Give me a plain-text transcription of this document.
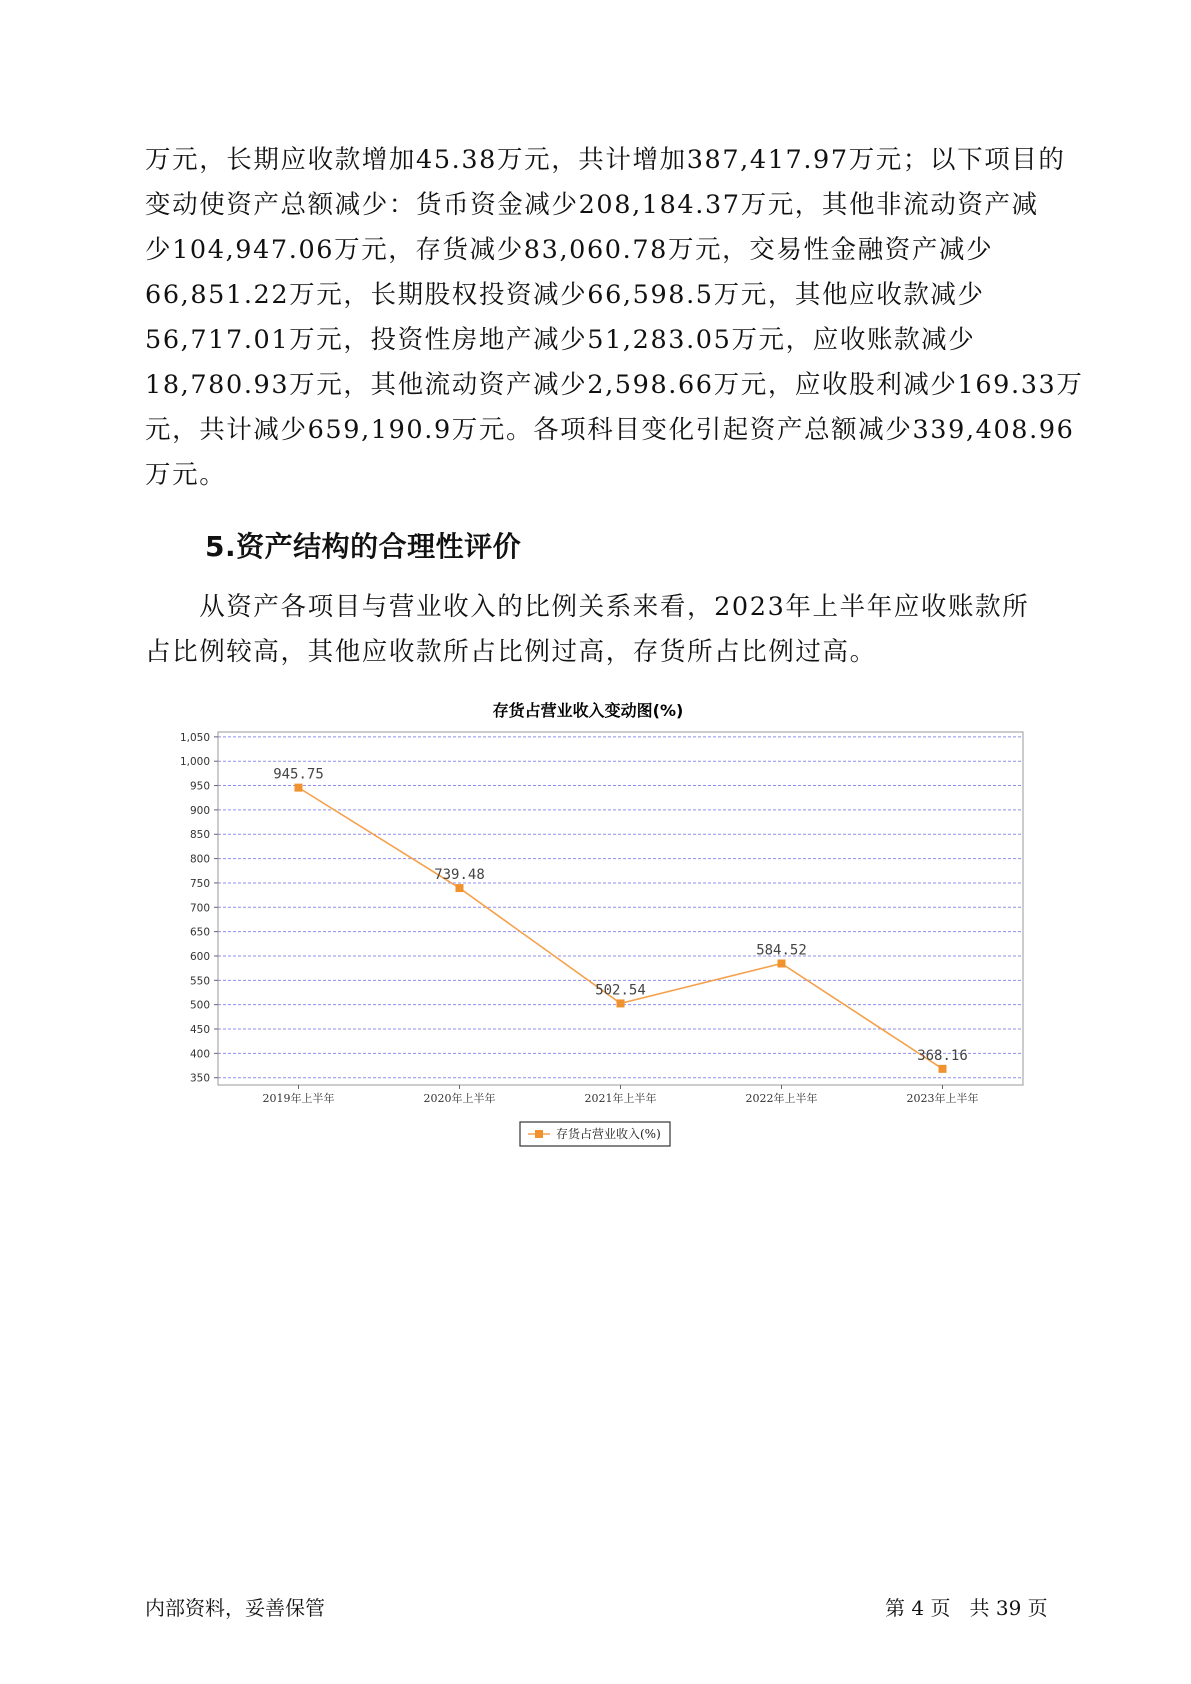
万元，长期应收款增加45.38万元，共计增加387,417.97万元；以下项目的
变动使资产总额减少：货币资金减少208,184.37万元，其他非流动资产减
少104,947.06万元，存货减少83,060.78万元，交易性金融资产减少
66,851.22万元，长期股权投资减少66,598.5万元，其他应收款减少
56,717.01万元，投资性房地产减少51,283.05万元，应收账款减少
18,780.93万元，其他流动资产减少2,598.66万元，应收股利减少169.33万
元，共计减少659,190.9万元。各项科目变化引起资产总额减少339,408.96
万元。
5.资产结构的合理性评价
　　从资产各项目与营业收入的比例关系来看，2023年上半年应收账款所
占比例较高，其他应收款所占比例过高，存货所占比例过高。
存货占营业收入变动图(%)
350
400
450
500
550
600
650
700
750
800
850
900
950
1,000
1,050
2019年上半年	2020年上半年	2021年上半年	2022年上半年	2023年上半年
945.75
739.48
502.54
584.52
368.16
存货占营业收入(%)
内部资料，妥善保管	第 4 页   共 39 页
